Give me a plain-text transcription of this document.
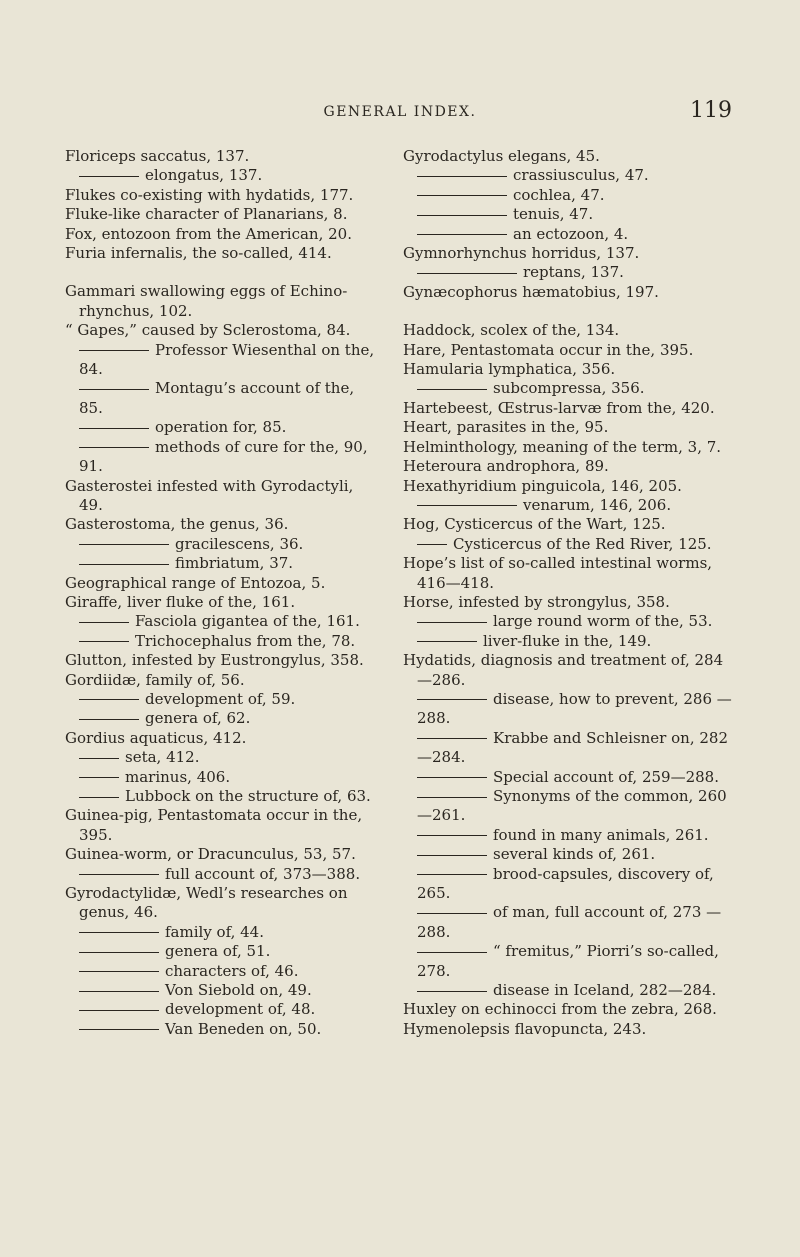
GENERAL INDEX.	119
Floriceps saccatus, 137.
elongatus, 137.
Flukes co-existing with hydatids, 177.
Fluke-like character of Planarians, 8.
Fox, entozoon from the American, 20.
Furia infernalis, the so-called, 414.
Gammari swallowing eggs of Echino-rhynchus, 102.
“ Gapes,” caused by Sclerostoma, 84.
Professor Wiesenthal on the, 84.
Montagu’s account of the, 85.
operation for, 85.
methods of cure for the, 90, 91.
Gasterostei infested with Gyrodactyli, 49.
Gasterostoma, the genus, 36.
gracilescens, 36.
fimbriatum, 37.
Geographical range of Entozoa, 5.
Giraffe, liver fluke of the, 161.
Fasciola gigantea of the, 161.
Trichocephalus from the, 78.
Glutton, infested by Eustrongylus, 358.
Gordiidæ, family of, 56.
development of, 59.
genera of, 62.
Gordius aquaticus, 412.
seta, 412.
marinus, 406.
Lubbock on the structure of, 63.
Guinea-pig, Pentastomata occur in the, 395.
Guinea-worm, or Dracunculus, 53, 57.
full account of, 373—388.
Gyrodactylidæ, Wedl’s researches on genus, 46.
family of, 44.
genera of, 51.
characters of, 46.
Von Siebold on, 49.
development of, 48.
Van Beneden on, 50.
Gyrodactylus elegans, 45.
crassiusculus, 47.
cochlea, 47.
tenuis, 47.
an ectozoon, 4.
Gymnorhynchus horridus, 137.
reptans, 137.
Gynæcophorus hæmatobius, 197.
Haddock, scolex of the, 134.
Hare, Pentastomata occur in the, 395.
Hamularia lymphatica, 356.
subcompressa, 356.
Hartebeest, Œstrus-larvæ from the, 420.
Heart, parasites in the, 95.
Helminthology, meaning of the term, 3, 7.
Heteroura androphora, 89.
Hexathyridium pinguicola, 146, 205.
venarum, 146, 206.
Hog, Cysticercus of the Wart, 125.
Cysticercus of the Red River, 125.
Hope’s list of so-called intestinal worms, 416—418.
Horse, infested by strongylus, 358.
large round worm of the, 53.
liver-fluke in the, 149.
Hydatids, diagnosis and treatment of, 284—286.
disease, how to prevent, 286 —288.
Krabbe and Schleisner on, 282—284.
Special account of, 259—288.
Synonyms of the common, 260—261.
found in many animals, 261.
several kinds of, 261.
brood-capsules, discovery of, 265.
of man, full account of, 273 —288.
“ fremitus,” Piorri’s so-called, 278.
disease in Iceland, 282—284.
Huxley on echinocci from the zebra, 268.
Hymenolepsis flavopuncta, 243.
